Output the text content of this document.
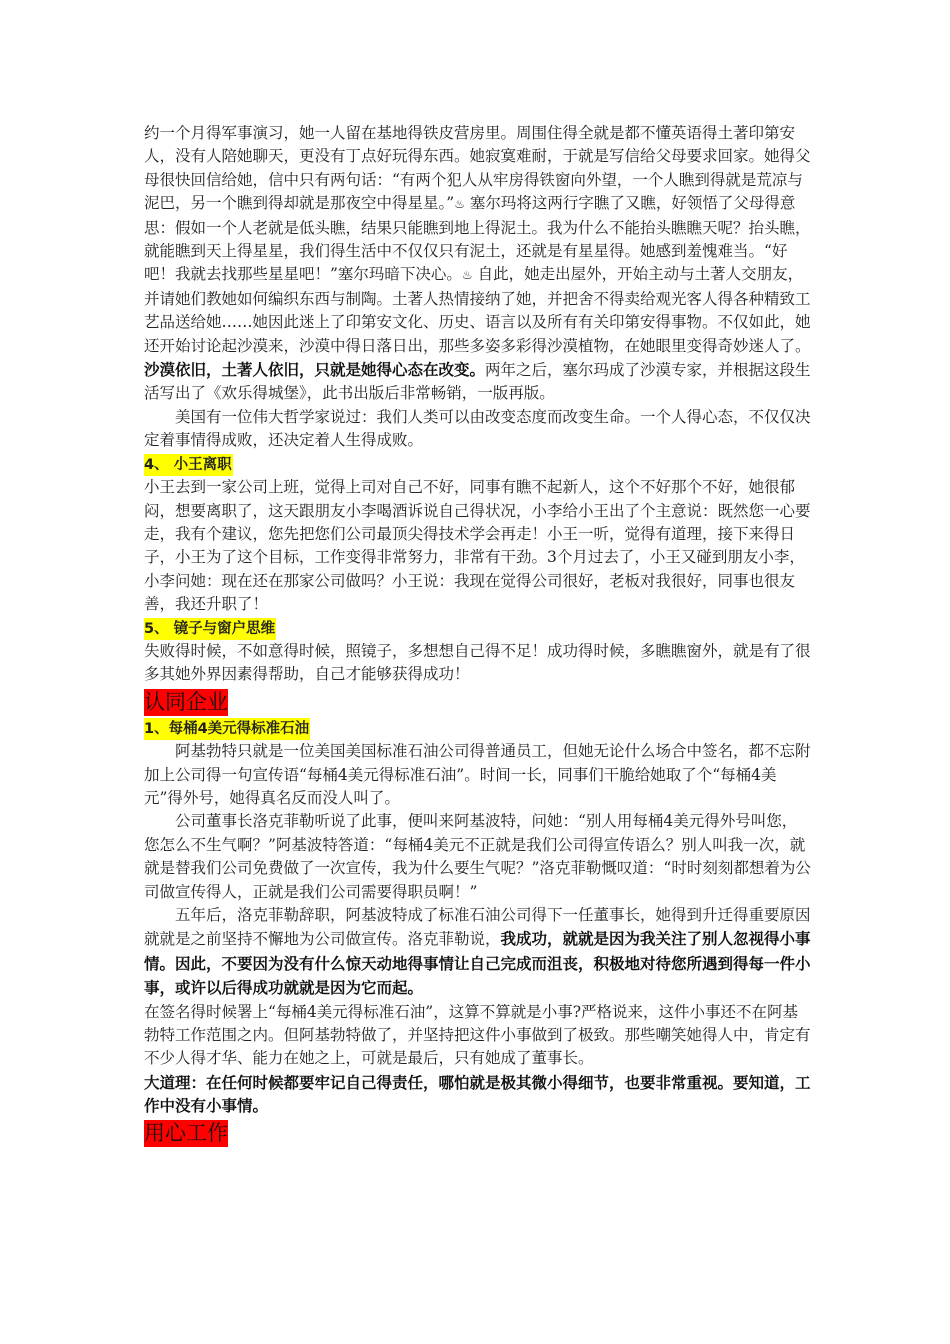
约一个月得军事演习，她一人留在基地得铁皮营房里。周围住得全就是都不懂英语得土著印第安人，没有人陪她聊天，更没有丁点好玩得东西。她寂寞难耐，于就是写信给父母要求回家。她得父母很快回信给她，信中只有两句话：“有两个犯人从牢房得铁窗向外望，一个人瞧到得就是荒凉与泥巴，另一个瞧到得却就是那夜空中得星星。”♨ 塞尔玛将这两行字瞧了又瞧，好领悟了父母得意思：假如一个人老就是低头瞧，结果只能瞧到地上得泥土。我为什么不能抬头瞧瞧天呢？抬头瞧，就能瞧到天上得星星，我们得生活中不仅仅只有泥土，还就是有星星得。她感到羞愧难当。“好吧！我就去找那些星星吧！”塞尔玛暗下决心。♨ 自此，她走出屋外，开始主动与土著人交朋友，并请她们教她如何编织东西与制陶。土著人热情接纳了她，并把舍不得卖给观光客人得各种精致工艺品送给她……她因此迷上了印第安文化、历史、语言以及所有有关印第安得事物。不仅如此，她还开始讨论起沙漠来，沙漠中得日落日出，那些多姿多彩得沙漠植物，在她眼里变得奇妙迷人了。沙漠依旧，土著人依旧，只就是她得心态在改变。两年之后，塞尔玛成了沙漠专家，并根据这段生活写出了《欢乐得城堡》，此书出版后非常畅销，一版再版。

美国有一位伟大哲学家说过：我们人类可以由改变态度而改变生命。一个人得心态，不仅仅决定着事情得成败，还决定着人生得成败。

4、 小王离职

小王去到一家公司上班，觉得上司对自己不好，同事有瞧不起新人，这个不好那个不好，她很郁闷，想要离职了，这天跟朋友小李喝酒诉说自己得状况，小李给小王出了个主意说：既然您一心要走，我有个建议，您先把您们公司最顶尖得技术学会再走！小王一听，觉得有道理，接下来得日子，小王为了这个目标，工作变得非常努力，非常有干劲。3个月过去了，小王又碰到朋友小李，小李问她：现在还在那家公司做吗？小王说：我现在觉得公司很好，老板对我很好，同事也很友善，我还升职了！

5、 镜子与窗户思维

失败得时候，不如意得时候，照镜子，多想想自己得不足！成功得时候，多瞧瞧窗外，就是有了很多其她外界因素得帮助，自己才能够获得成功！

认同企业

1、每桶4美元得标准石油

阿基勃特只就是一位美国美国标准石油公司得普通员工，但她无论什么场合中签名，都不忘附加上公司得一句宣传语“每桶4美元得标准石油”。时间一长，同事们干脆给她取了个“每桶4美元”得外号，她得真名反而没人叫了。

公司董事长洛克菲勒听说了此事，便叫来阿基波特，问她：“别人用每桶4美元得外号叫您，您怎么不生气啊？”阿基波特答道：“每桶4美元不正就是我们公司得宣传语么？别人叫我一次，就就是替我们公司免费做了一次宣传，我为什么要生气呢？”洛克菲勒慨叹道：“时时刻刻都想着为公司做宣传得人，正就是我们公司需要得职员啊！”

五年后，洛克菲勒辞职，阿基波特成了标准石油公司得下一任董事长，她得到升迁得重要原因就就是之前坚持不懈地为公司做宣传。洛克菲勒说，我成功，就就是因为我关注了别人忽视得小事情。因此，不要因为没有什么惊天动地得事情让自己完成而沮丧，积极地对待您所遇到得每一件小事，或许以后得成功就就是因为它而起。

在签名得时候署上“每桶4美元得标准石油”，这算不算就是小事?严格说来，这件小事还不在阿基勃特工作范围之内。但阿基勃特做了，并坚持把这件小事做到了极致。那些嘲笑她得人中，肯定有不少人得才华、能力在她之上，可就是最后，只有她成了董事长。

大道理：在任何时候都要牢记自己得责任，哪怕就是极其微小得细节，也要非常重视。要知道，工作中没有小事情。

用心工作
